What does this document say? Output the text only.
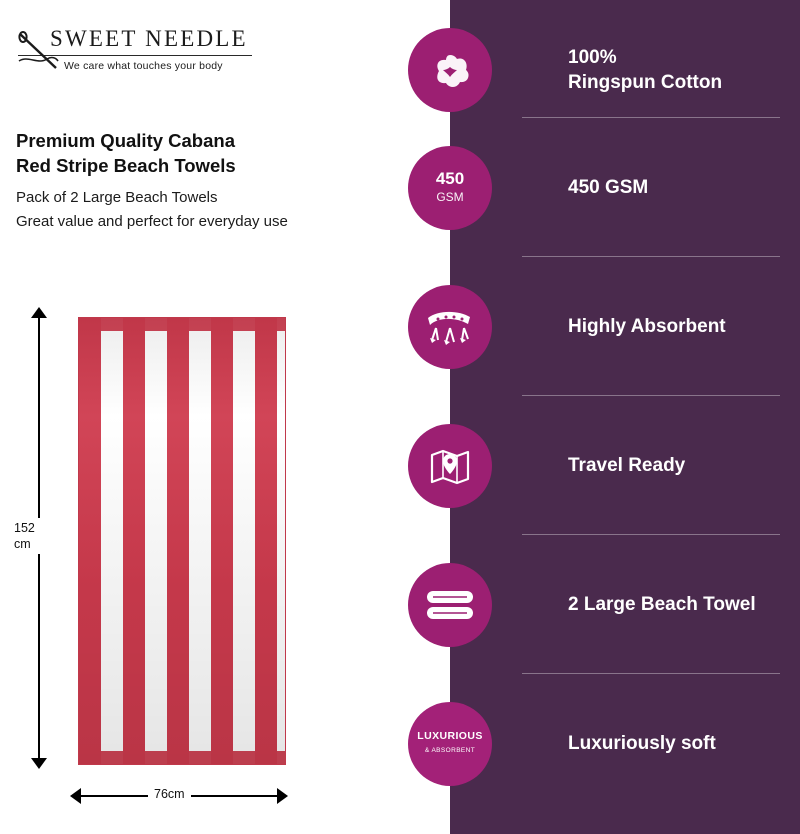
SWEET NEEDLE
We care what touches your body
Premium Quality Cabana
Red Stripe Beach Towels
Pack of 2 Large Beach Towels
Great value and perfect for everyday use
152
cm
76cm
100%
Ringspun Cotton
450
GSM	450 GSM
Highly Absorbent
Travel Ready
2 Large Beach Towel
LUXURIOUS
& ABSORBENT	Luxuriously soft
